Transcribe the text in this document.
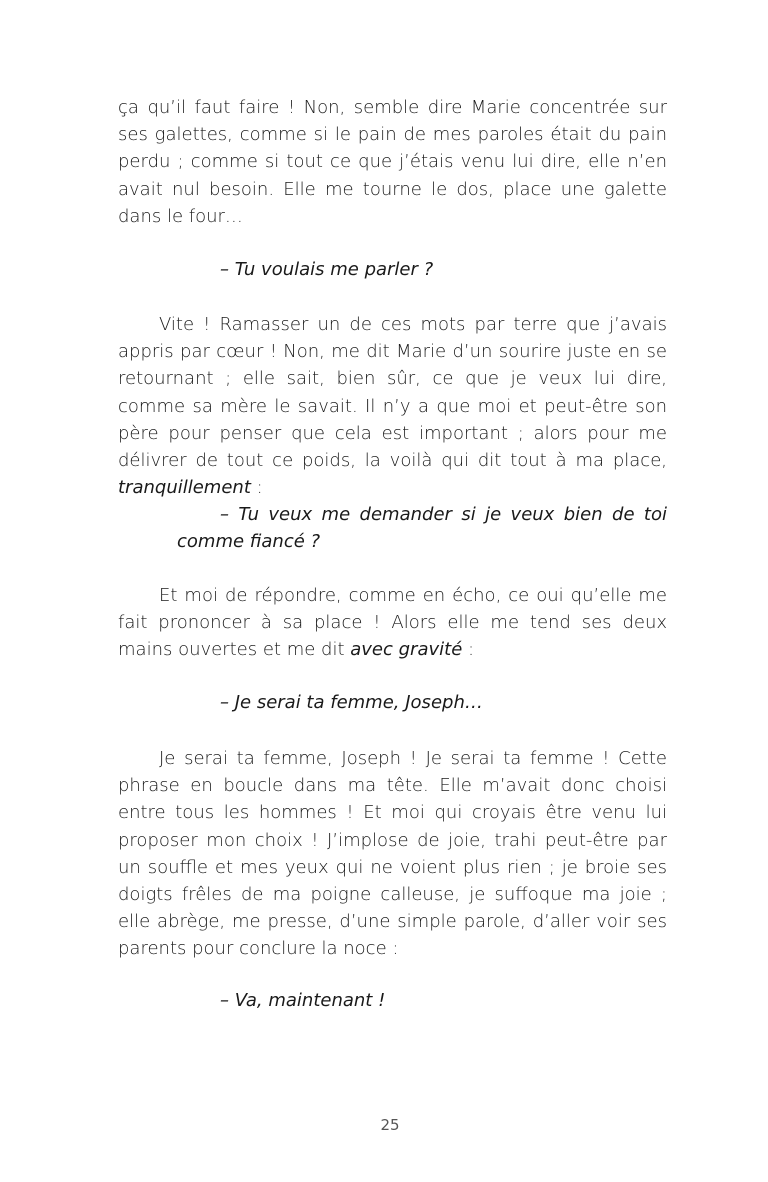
ça qu’il faut faire ! Non, semble dire Marie concentrée sur ses galettes, comme si le pain de mes paroles était du pain perdu ; comme si tout ce que j’étais venu lui dire, elle n’en avait nul besoin. Elle me tourne le dos, place une galette dans le four…

– Tu voulais me parler ?

Vite ! Ramasser un de ces mots par terre que j’avais appris par cœur ! Non, me dit Marie d’un sourire juste en se retournant ; elle sait, bien sûr, ce que je veux lui dire, comme sa mère le savait. Il n’y a que moi et peut-être son père pour penser que cela est important ; alors pour me délivrer de tout ce poids, la voilà qui dit tout à ma place, tranquillement :

– Tu veux me demander si je veux bien de toi comme fiancé ?

Et moi de répondre, comme en écho, ce oui qu’elle me fait prononcer à sa place ! Alors elle me tend ses deux mains ouvertes et me dit avec gravité :

– Je serai ta femme, Joseph…

Je serai ta femme, Joseph ! Je serai ta femme ! Cette phrase en boucle dans ma tête. Elle m’avait donc choisi entre tous les hommes ! Et moi qui croyais être venu lui proposer mon choix ! J’implose de joie, trahi peut-être par un souffle et mes yeux qui ne voient plus rien ; je broie ses doigts frêles de ma poigne calleuse, je suffoque ma joie ; elle abrège, me presse, d’une simple parole, d’aller voir ses parents pour conclure la noce :

– Va, maintenant !

25
